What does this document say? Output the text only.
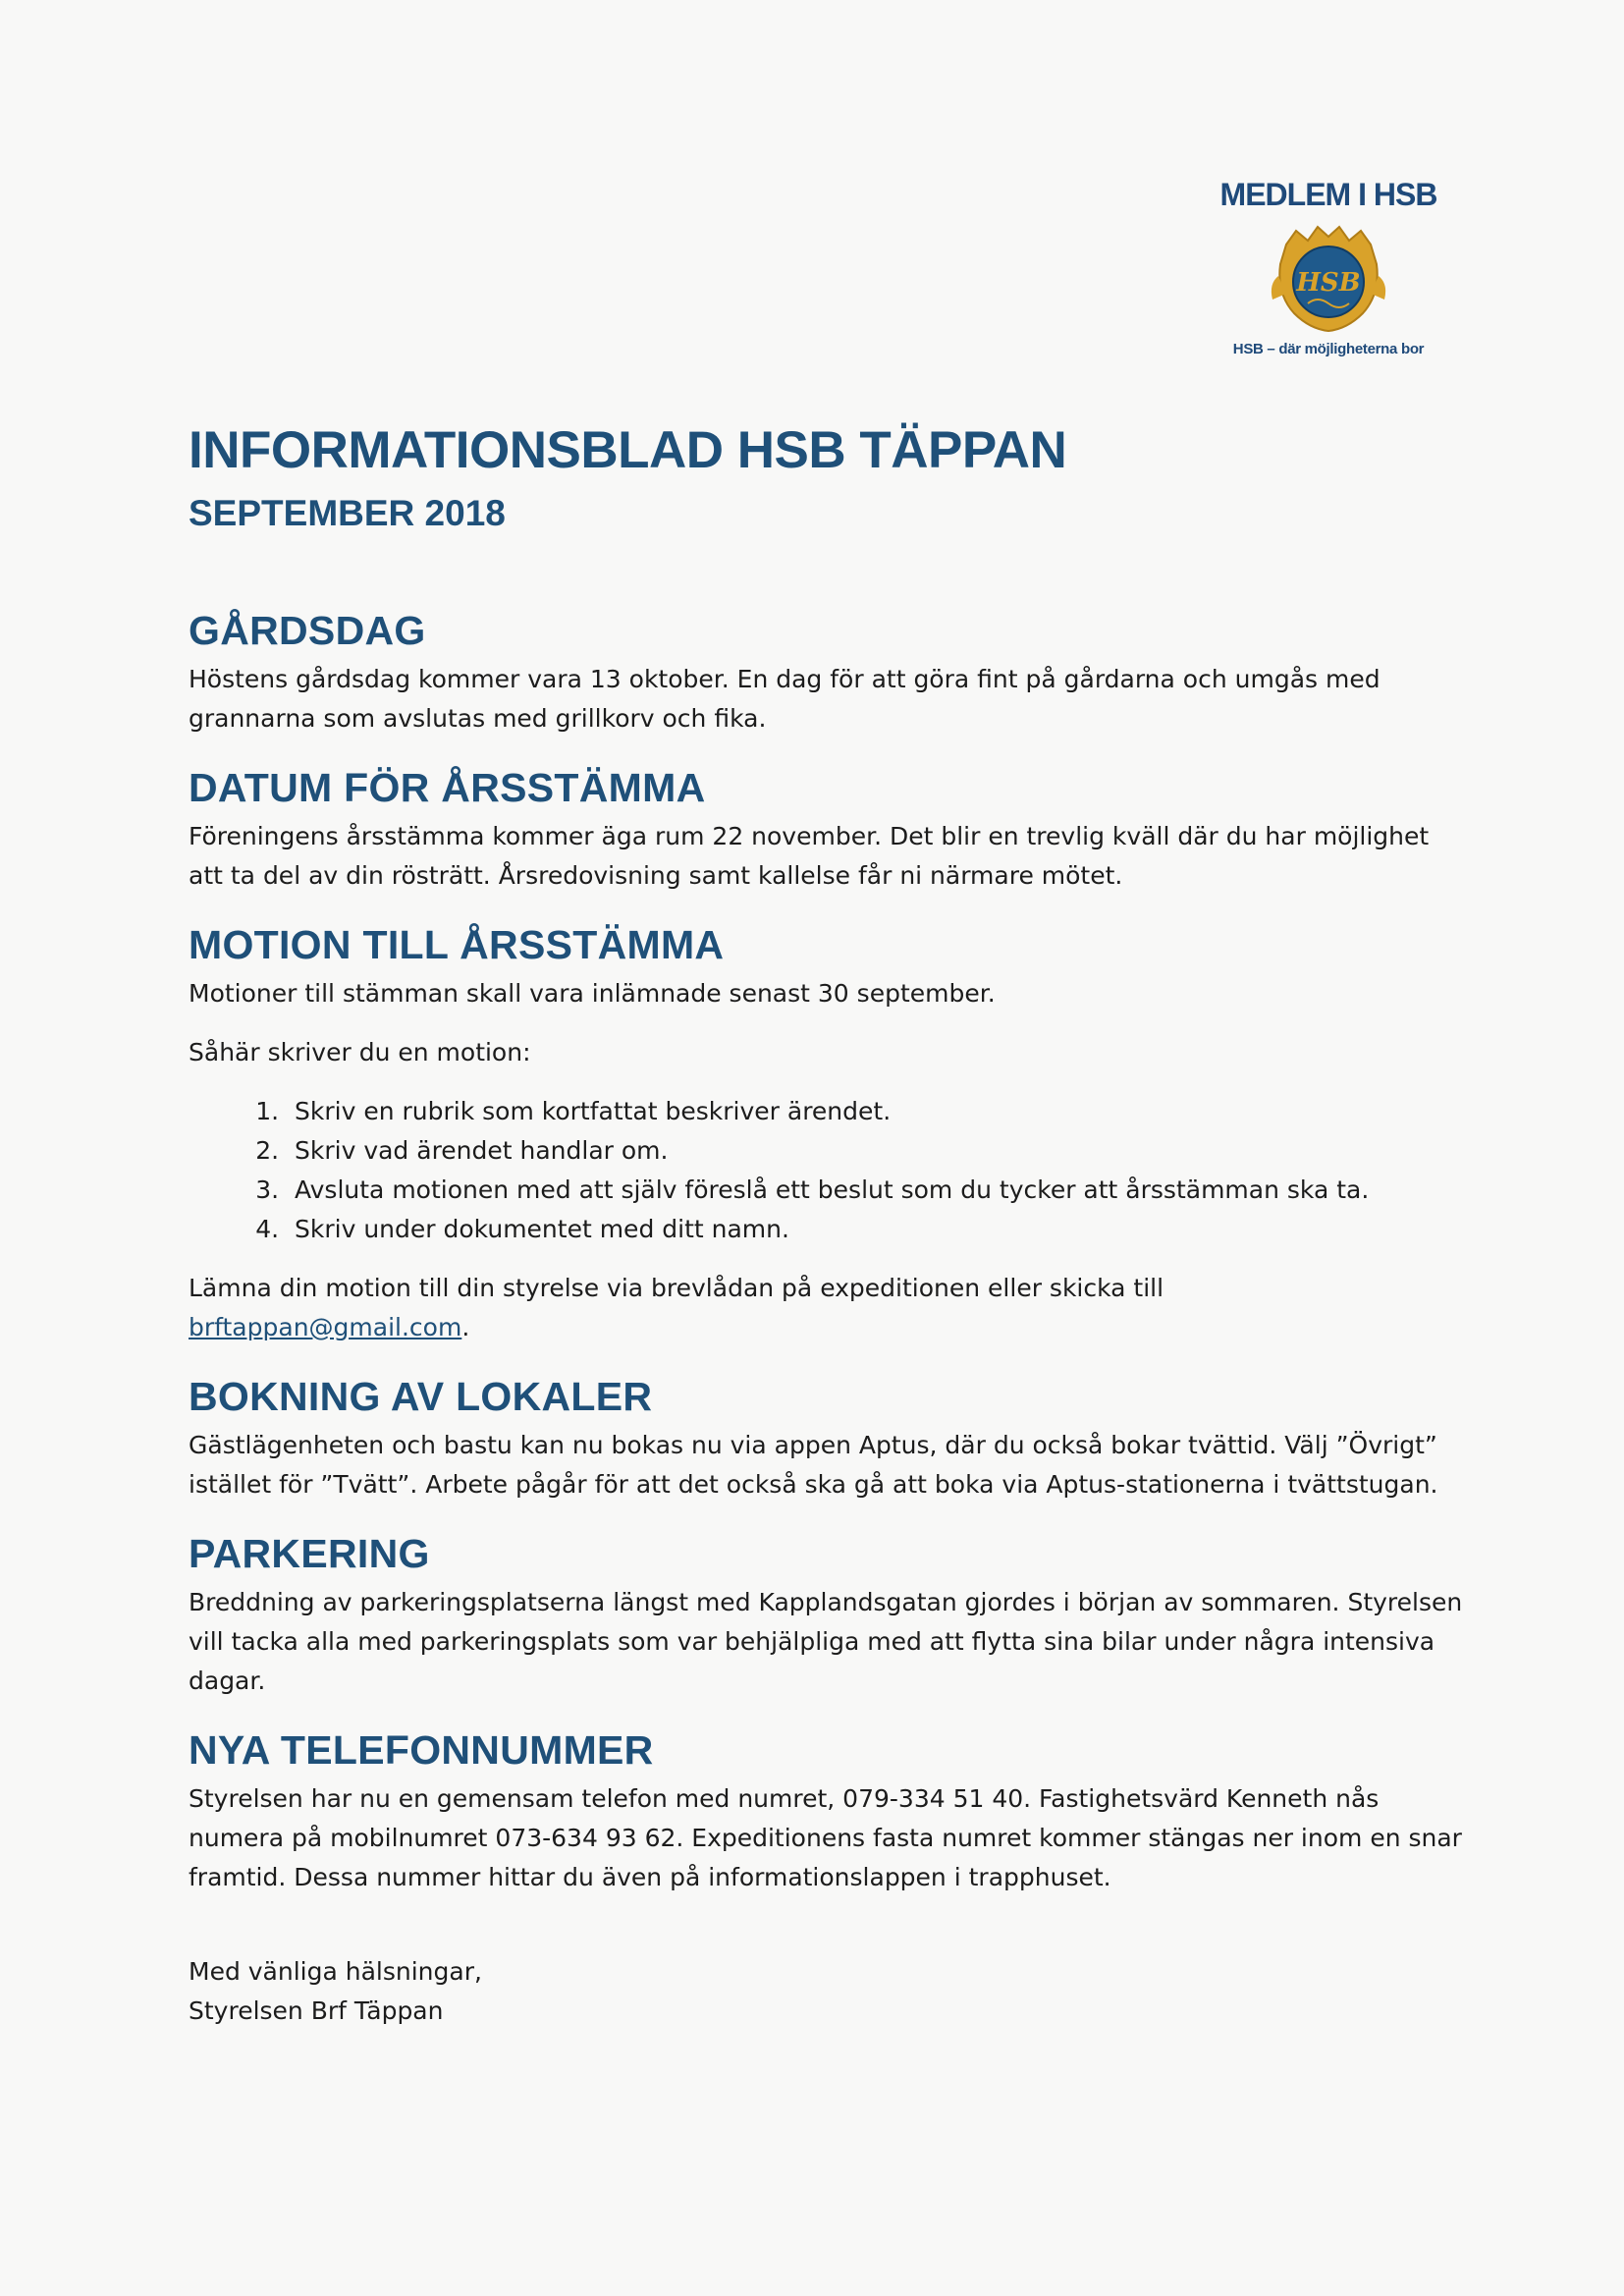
MEDLEM I HSB
HSB
HSB – där möjligheterna bor
INFORMATIONSBLAD HSB TÄPPAN
SEPTEMBER 2018
GÅRDSDAG

Höstens gårdsdag kommer vara 13 oktober. En dag för att göra fint på gårdarna och umgås med grannarna som avslutas med grillkorv och fika.

DATUM FÖR ÅRSSTÄMMA

Föreningens årsstämma kommer äga rum 22 november. Det blir en trevlig kväll där du har möjlighet att ta del av din rösträtt. Årsredovisning samt kallelse får ni närmare mötet.

MOTION TILL ÅRSSTÄMMA

Motioner till stämman skall vara inlämnade senast 30 september.

Såhär skriver du en motion:

1. Skriv en rubrik som kortfattat beskriver ärendet.
2. Skriv vad ärendet handlar om.
3. Avsluta motionen med att själv föreslå ett beslut som du tycker att årsstämman ska ta.
4. Skriv under dokumentet med ditt namn.

Lämna din motion till din styrelse via brevlådan på expeditionen eller skicka till
brftappan@gmail.com.

BOKNING AV LOKALER

Gästlägenheten och bastu kan nu bokas nu via appen Aptus, där du också bokar tvättid. Välj ”Övrigt” istället för ”Tvätt”. Arbete pågår för att det också ska gå att boka via Aptus-stationerna i tvättstugan.

PARKERING

Breddning av parkeringsplatserna längst med Kapplandsgatan gjordes i början av sommaren. Styrelsen vill tacka alla med parkeringsplats som var behjälpliga med att flytta sina bilar under några intensiva dagar.

NYA TELEFONNUMMER

Styrelsen har nu en gemensam telefon med numret, 079-334 51 40. Fastighetsvärd Kenneth nås numera på mobilnumret 073-634 93 62. Expeditionens fasta numret kommer stängas ner inom en snar framtid. Dessa nummer hittar du även på informationslappen i trapphuset.

Med vänliga hälsningar,

Styrelsen Brf Täppan
